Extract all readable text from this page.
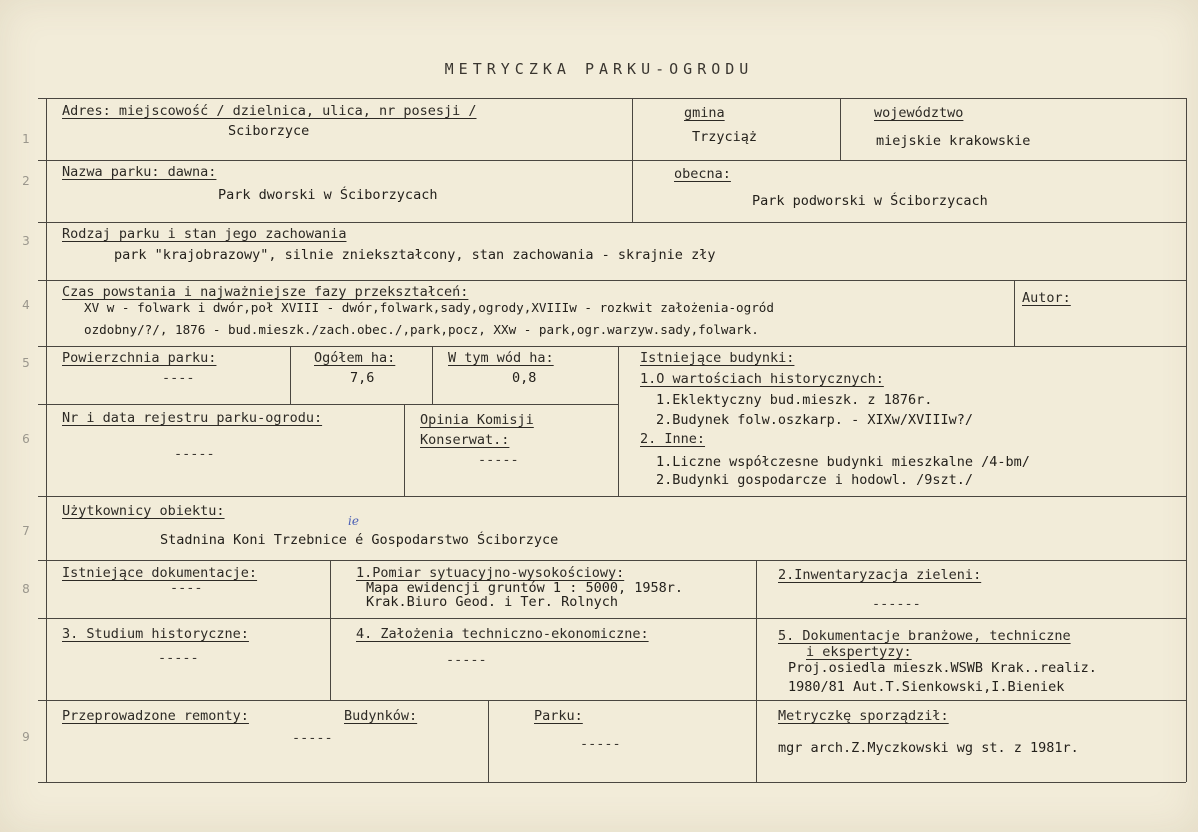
METRYCZKA PARKU-OGRODU
1
2
3
4
5
6
7
8
9
Adres: miejscowość / dzielnica, ulica, nr posesji /
Sciborzyce
gmina
Trzyciąż
województwo
miejskie krakowskie
Nazwa parku: dawna:
Park dworski w Ściborzycach
obecna:
Park podworski w Ściborzycach
Rodzaj parku i stan jego zachowania
park "krajobrazowy", silnie zniekształcony, stan zachowania - skrajnie zły
Czas powstania i najważniejsze fazy przekształceń:
XV w - folwark i dwór,poł XVIII - dwór,folwark,sady,ogrody,XVIIIw - rozkwit założenia-ogród
ozdobny/?/, 1876 - bud.mieszk./zach.obec./,park,pocz, XXw - park,ogr.warzyw.sady,folwark.
Autor:
Powierzchnia parku:
----
Ogółem ha:
7,6
W tym wód ha:
0,8
Istniejące budynki:
1.O wartościach historycznych:
1.Eklektyczny bud.mieszk. z 1876r.
2.Budynek folw.oszkarp. - XIXw/XVIIIw?/
2. Inne:
1.Liczne współczesne budynki mieszkalne /4-bm/
2.Budynki gospodarcze i hodowl. /9szt./
Nr i data rejestru parku-ogrodu:
-----
Opinia Komisji
Konserwat.:
-----
Użytkownicy obiektu:
ie
Stadnina Koni Trzebnice é Gospodarstwo Ściborzyce
Istniejące dokumentacje:
----
1.Pomiar sytuacyjno-wysokościowy:
Mapa ewidencji gruntów 1 : 5000, 1958r.
Krak.Biuro Geod. i Ter. Rolnych
2.Inwentaryzacja zieleni:
------
3. Studium historyczne:
-----
4. Założenia techniczno-ekonomiczne:
-----
5. Dokumentacje branżowe, techniczne
i ekspertyzy:
Proj.osiedla mieszk.WSWB Krak..realiz.
1980/81 Aut.T.Sienkowski,I.Bieniek
Przeprowadzone remonty:
-----
Budynków:	Parku:
-----
Metryczkę sporządził:
mgr arch.Z.Myczkowski wg st. z 1981r.
